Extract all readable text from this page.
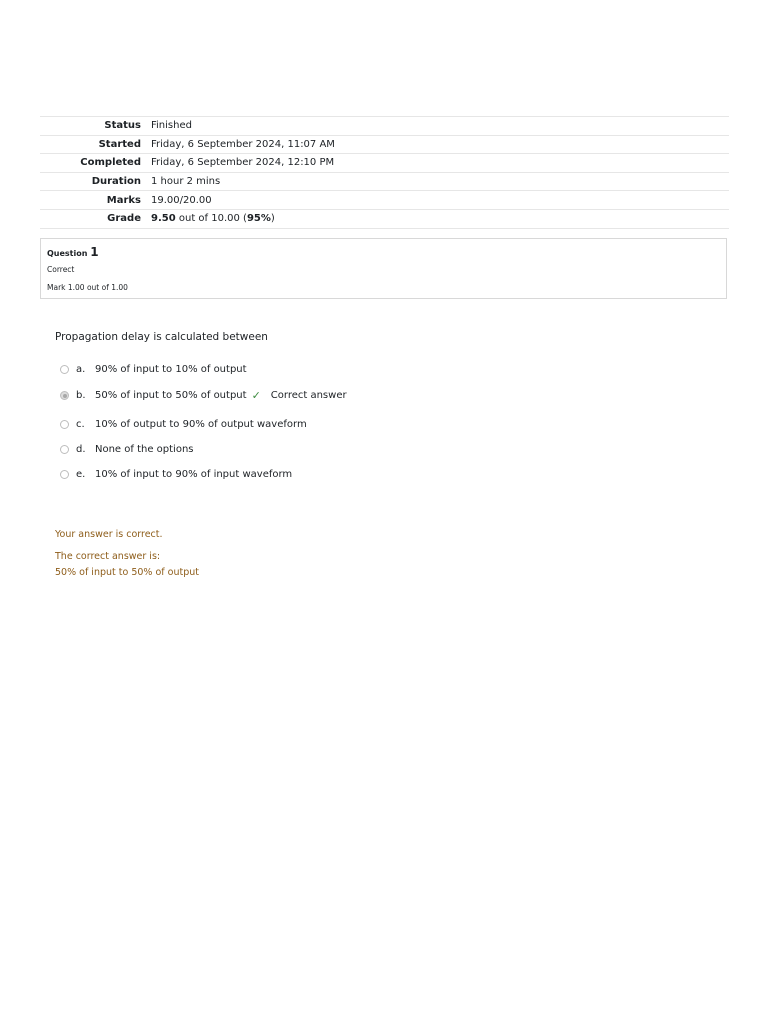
Status	Finished
Started	Friday, 6 September 2024, 11:07 AM
Completed	Friday, 6 September 2024, 12:10 PM
Duration	1 hour 2 mins
Marks	19.00/20.00
Grade	9.50 out of 10.00 (95%)
Question 1
Correct
Mark 1.00 out of 1.00
Propagation delay is calculated between
a. 90% of input to 10% of output
b. 50% of input to 50% of output ✓ Correct answer
c.	10% of output to 90% of output waveform
d. None of the options
e. 10% of input to 90% of input waveform
Your answer is correct.
The correct answer is:
50% of input to 50% of output
